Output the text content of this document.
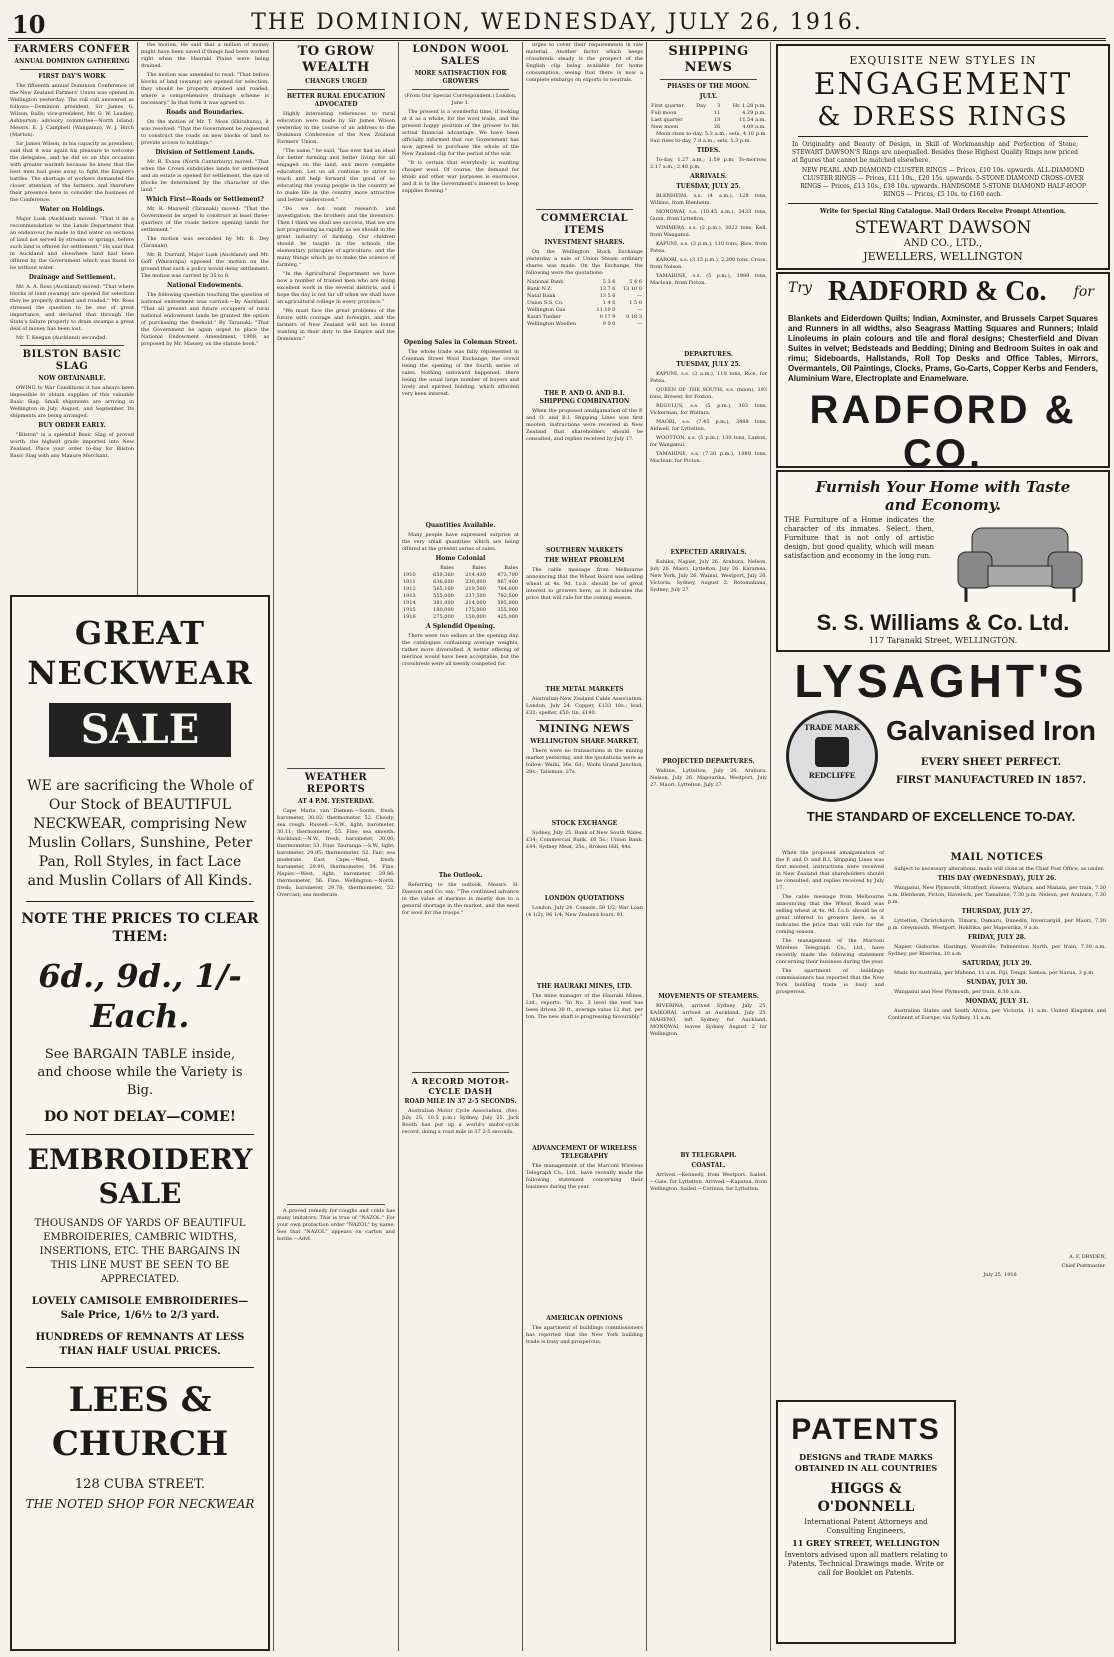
10	THE DOMINION, WEDNESDAY, JULY 26, 1916.
FARMERS CONFER
ANNUAL DOMINION GATHERING
FIRST DAY'S WORK

The fifteenth annual Dominion Conference of the New Zealand Farmers' Union was opened in Wellington yesterday. The roll call answered as follows:—Dominion president, Sir James G. Wilson, Bulls; vice-president, Mr. G. W. Leadley, Ashburton; advisory committee—North Island: Messrs. E. J. Campbell (Wanganui), W. J. Birch (Marton).

Sir James Wilson, in his capacity as president, said that it was again his pleasure to welcome the delegates, and he did so on this occasion with greater warmth because he knew that the best men had gone away to fight the Empire's battles. The shortage of workers demanded the closer attention of the farmers, and therefore their presence here to consider the business of the Conference.

Water on Holdings.

Major Lusk (Auckland) moved: "That it be a recommendation to the Lands Department that an endeavour be made to find water on sections of land not served by streams or springs, before such land is offered for settlement." He said that in Auckland and elsewhere land had been offered by the Government which was found to be without water.

Drainage and Settlement.

Mr. A. A. Ross (Auckland) moved: "That where blocks of land (swamp) are opened for selection they be properly drained and roaded." Mr. Ross stressed the question to be one of great importance, and declared that through the State's failure properly to drain swamps a great deal of money has been lost.

Mr. T. Keegan (Auckland) seconded.

BILSTON BASIC SLAG
NOW OBTAINABLE.

OWING to War Conditions it has always been impossible to obtain supplies of this valuable Basic Slag. Small shipments are arriving in Wellington in July, August, and September. Its shipments are being arranged.

BUY ORDER EARLY.

"Bilston" is a splendid Basic Slag of proved worth, the highest grade imported into New Zealand. Place your order to-day for Bilston Basic Slag with any Manure Merchant.

the motion. He said that a million of money might have been saved if things had been worked right when the Hauraki Plains were being drained.

The motion was amended to read: "That before blocks of land (swamp) are opened for selection, they should be properly drained and roaded, where a comprehensive drainage scheme is necessary." In that form it was agreed to.

Roads and Boundaries.

On the motion of Mr. T. Moss (Ekitahuna), it was resolved: "That the Government be requested to construct the roads on new blocks of land to provide access to holdings."

Division of Settlement Lands.

Mr. R. Evans (North Canterbury) moved: "That when the Crown subdivides lands for settlement and an estate is opened for settlement, the size of blocks be determined by the character of the land."

Which First—Roads or Settlement?

Mr. R. Maxwell (Taranaki) moved: "That the Government be urged to construct at least three-quarters of the roads before opening lands for settlement."

The motion was seconded by Mr. R. Dey (Taranaki).

Mr. R. Durrant, Major Lusk (Auckland) and Mr. Goff (Wairarapa) opposed the motion on the ground that such a policy would delay settlement. The motion was carried by 35 to 8.

National Endowments.

The following question touching the question of national endowment was carried:—By Auckland: "That all present and future occupiers of rural national endowment lands be granted the option of purchasing the freehold." By Taranaki: "That the Government be again urged to place the National Endowment Amendment, 1908, as proposed by Mr. Massey, on the statute book."

GREAT NECKWEAR
SALE

WE are sacrificing the Whole of Our Stock of BEAUTIFUL NECKWEAR, comprising New Muslin Collars, Sunshine, Peter Pan, Roll Styles, in fact Lace and Muslin Collars of All Kinds.

NOTE THE PRICES TO CLEAR THEM:

6d., 9d., 1/- Each.

See BARGAIN TABLE inside, and choose while the Variety is Big.

DO NOT DELAY—COME!

EMBROIDERY SALE

THOUSANDS OF YARDS OF BEAUTIFUL EMBROIDERIES, CAMBRIC WIDTHS, INSERTIONS, ETC. THE BARGAINS IN THIS LINE MUST BE SEEN TO BE APPRECIATED.

LOVELY CAMISOLE EMBROIDERIES—Sale Price, 1/6½ to 2/3 yard.

HUNDREDS OF REMNANTS AT LESS THAN HALF USUAL PRICES.

LEES & CHURCH

128 CUBA STREET.

THE NOTED SHOP FOR NECKWEAR

TO GROW WEALTH
CHANGES URGED
BETTER RURAL EDUCATION ADVOCATED

Highly interesting references to rural education were made by Sir James Wilson yesterday in the course of an address to the Dominion Conference of the New Zealand Farmers' Union.

"The same," he said, "has ever had an ideal for better farming and better living for all engaged on the land, and more complete education. Let us all continue to strive to teach and help forward the good of so educating the young people in the country as to make life in the country more attractive and better understood."

"Do we not want research and investigation, the brothers and the inventors. Then I think we shall see success, that we are not progressing as rapidly as we should in the great industry of farming. Our children should be taught in the schools the elementary principles of agriculture, and the many things which go to make the science of farming."

"In the Agricultural Department we have now a number of trained men who are doing excellent work in the several districts, and I hope the day is not far off when we shall have an agricultural college in every province."

"We must face the great problems of the future with courage and foresight, and the farmers of New Zealand will not be found wanting in their duty to the Empire and the Dominion."

WEATHER REPORTS
AT 4 P.M. YESTERDAY.

Cape Maria van Diemen.—South, fresh; barometer, 30.02; thermometer, 52. Cloudy; sea rough. Russell.—S.W., light; barometer, 30.11; thermometer, 55. Fine; sea smooth. Auckland.—N.W., fresh; barometer, 30.00; thermometer, 53. Fine. Tauranga.—S.W., light; barometer, 29.95; thermometer, 52. Fair; sea moderate. East Cape.—West, fresh; barometer, 29.90; thermometer, 54. Fine. Napier.—West, light; barometer, 29.86; thermometer, 56. Fine. Wellington.—North, fresh; barometer, 29.78; thermometer, 52. Overcast; sea moderate.

A proved remedy for coughs and colds has many imitators. This is true of "NAZOL." For your own protection order "NAZOL" by name. See that "NAZOL" appears on carton and bottle.—Advt.

LONDON WOOL SALES
MORE SATISFACTION FOR GROWERS

(From Our Special Correspondent.) London, June 1.

The present is a wonderful time, if looking at it as a whole, for the wool trade, and the present happy position of the grower to his actual financial advantage. We have been officially informed that our Government has now agreed to purchase the whole of the New Zealand clip for the period of the war.

"It is certain that everybody is wanting cheaper wool. Of course, the demand for khaki and other war purposes is enormous, and it is to the Government's interest to keep supplies flowing."

Opening Sales in Coleman Street.

The whole trade was fully represented in Coleman Street Wool Exchange, the crowd being the opening of the fourth series of sales. Nothing untoward happened, there being the usual large number of buyers and lively and spirited bidding, which afforded very keen interest.

Quantities Available.

Many people have expressed surprise at the very small quantities which are being offered at the present series of sales.

Home Colonial
	Bales	Bales	Bales
1910	659,360	214,430	873,790
1911	636,600	230,800	867,400
1912	565,100	219,500	784,600
1913	555,000	237,500	792,500
1914	381,000	214,000	595,000
1915	180,000	175,000	355,000
1916	275,000	150,000	425,000
A Splendid Opening.

There were two sellers at the opening day, the catalogues containing average weights, rather more diversified. A better offering of merinos would have been acceptable, but the crossbreds were all keenly competed for.

The Outlook.

Referring to the outlook, Messrs. H. Dawson and Co. say: "The continued advance in the value of merinos is mostly due to a general shortage in the market, and the need for wool for the troops."

A RECORD MOTOR-CYCLE DASH
ROAD MILE IN 37 2-5 SECONDS.

Australian Motor Cycle Association, (Rec. July 25, 10.5 p.m.) Sydney, July 25. Jack Booth has put up a world's motor-cycle record, doing a road mile in 37 2-5 seconds.

urges to cover their requirements in raw material. Another factor which keeps crossbreds steady is the prospect of the English clip being available for home consumption, seeing that there is now a complete embargo on exports to neutrals.

COMMERCIAL ITEMS
INVESTMENT SHARES.

On the Wellington Stock Exchange yesterday a sale of Union Steam ordinary shares was made. On the Exchange, the following were the quotations:

National Bank	5 3 6	5 4 6
Bank N.Z.	13 7 6	13 10 0
Natal Bank	13 5 6	—
Union S.S. Co.	1 4 6	1 5 0
Wellington Gas	11 10 0	—
Kauri Timber	0 17 9	0 18 3
Wellington Woollen	9 0 0	—
THE P. AND O. AND B.I. SHIPPING COMBINATION

When the proposed amalgamation of the P. and O. and B.I. Shipping Lines was first mooted, instructions were received in New Zealand that shareholders should be consulted, and replies received by July 17.

SOUTHERN MARKETS
THE WHEAT PROBLEM

The cable message from Melbourne announcing that the Wheat Board was selling wheat at 4s. 9d. f.o.b. should be of great interest to growers here, as it indicates the price that will rule for the coming season.

THE METAL MARKETS

Australian-New Zealand Cable Association. London, July 24. Copper, £133 10s.; lead, £32; spelter, £50; tin, £190.

MINING NEWS
WELLINGTON SHARE MARKET.

There were no transactions in the mining market yesterday, and the quotations were as follow: Waihi, 36s. 6d.; Waihi Grand Junction, 28s.; Talisman, 27s.

STOCK EXCHANGE

Sydney, July 25. Bank of New South Wales, £34; Commercial Bank, £6 5s.; Union Bank, £44; Sydney Meat, 25s.; Broken Hill, 44s.

LONDON QUOTATIONS

London, July 24. Consols, 59 1/2; War Loan (4 1/2), 96 1/4; New Zealand fours, 91.

THE HAURAKI MINES, LTD.

The mine manager of the Hauraki Mines, Ltd., reports: "In No. 3 level the reef has been driven 30 ft., average value 12 dwt. per ton. The new shaft is progressing favourably."

ADVANCEMENT OF WIRELESS TELEGRAPHY

The management of the Marconi Wireless Telegraph Co., Ltd., have recently made the following statement concerning their business during the year.

AMERICAN OPINIONS

The apartment of buildings commissioners has reported that the New York building trade is busy and prosperous.

SHIPPING NEWS
PHASES OF THE MOON.
JULY.
First quarter	Day	3	Hr. 1.28 p.m.
Full moon		11	4.29 p.m.
Last quarter		18	11.54 a.m.
New moon		26	4.00 a.m.

Moon rises to-day, 5.3 a.m.; sets, 4.10 p.m. Sun rises to-day, 7.8 a.m.; sets, 5.3 p.m.

TIDES.

To-day, 1.27 a.m.; 1.59 p.m. To-morrow, 2.17 a.m.; 2.48 p.m.

ARRIVALS.
TUESDAY, JULY 25.

BLENHEIM, s.s. (4 a.m.), 128 tons, Wilkins, from Blenheim.

MONOWAI, s.s. (10.45 a.m.), 3433 tons, Gunn, from Lyttelton.

WIMMERA, s.s. (2 p.m.), 3022 tons, Kell, from Wanganui.

KAPUNI, s.s. (3 p.m.), 110 tons, Rice, from Patea.

KARORI, s.s. (3.15 p.m.), 2,200 tons, Cross, from Nelson.

TAMAHINE, s.s. (5 p.m.), 1989 tons, Maclean, from Picton.

DEPARTURES.
TUESDAY, JULY 25.

KAPUNI, s.s. (3 a.m.), 110 tons, Rice, for Patea.

QUEEN OF THE SOUTH, s.s. (noon), 193 tons, Brewer, for Foxton.

REGULUS, s.s. (5 p.m.), 303 tons, Vickerman, for Waitara.

MAORI, s.s. (7.45 p.m.), 3488 tons, Aldwell, for Lyttelton.

WOOTTON, s.s. (5 p.m.), 130 tons, Laxton, for Wanganui.

TAMAHINE, s.s. (7.30 p.m.), 1989 tons, Maclean, for Picton.

EXPECTED ARRIVALS.

Kahika, Napier, July 26. Arahura, Nelson, July 26. Maori, Lyttelton, July 26. Karamea, New York, July 26. Wainui, Westport, July 26. Victoria, Sydney, August 2. Rotomahana, Sydney, July 27.

PROJECTED DEPARTURES.

Wahine, Lyttelton, July 26. Arahura, Nelson, July 26. Mapourika, Westport, July 27. Maori, Lyttelton, July 27.

MOVEMENTS OF STEAMERS.

RIVERINA, arrived Sydney July 25. KAIKORAI, arrived at Auckland, July 25. MAHENO, left Sydney for Auckland. MONOWAI, leaves Sydney August 2 for Wellington.

BY TELEGRAPH.
COASTAL.

Arrived.—Kennedy, from Westport. Sailed.—Gale, for Lyttelton. Arrived.—Kapanui, from Wellington. Sailed.—Corinna, for Lyttelton.

EXQUISITE NEW STYLES IN
ENGAGEMENT
& DRESS RINGS

In Originality and Beauty of Design, in Skill of Workmanship and Perfection of Stone, STEWART DAWSON'S Rings are unequalled. Besides these Highest Quality Rings now priced at figures that cannot be matched elsewhere.

NEW PEARL AND DIAMOND CLUSTER RINGS — Prices, £10 10s. upwards. ALL-DIAMOND CLUSTER RINGS — Prices, £11 10s., £20 15s. upwards. 5-STONE DIAMOND CROSS-OVER RINGS — Prices, £13 10s., £18 10s. upwards. HANDSOME 5-STONE DIAMOND HALF-HOOP RINGS — Prices, £5 10s. to £160 each.

Write for Special Ring Catalogue. Mail Orders Receive Prompt Attention.

STEWART DAWSON
AND CO., LTD.,
JEWELLERS, WELLINGTON
Try RADFORD & Co. for

Blankets and Eiderdown Quilts; Indian, Axminster, and Brussels Carpet Squares and Runners in all widths, also Seagrass Matting Squares and Runners; Inlaid Linoleums in plain colours and tile and floral designs; Chesterfield and Divan Suites in velvet; Bedsteads and Bedding; Dining and Bedroom Suites in oak and rimu; Sideboards, Hallstands, Roll Top Desks and Office Tables, Mirrors, Overmantels, Oil Paintings, Clocks, Prams, Go-Carts, Copper Kerbs and Fenders, Aluminium Ware, Electroplate and Enamelware.

RADFORD & CO.
Furnish Your Home with Taste
and Economy.

THE Furniture of a Home indicates the character of its inmates. Select, then, Furniture that is not only of artistic design, but good quality, which will mean satisfaction and economy in the long run.

S. S. Williams & Co. Ltd.
117 Taranaki Street, WELLINGTON.
LYSAGHT'S
TRADE MARK
REDCLIFFE
Galvanised Iron
EVERY SHEET PERFECT.
FIRST MANUFACTURED IN 1857.
THE STANDARD OF EXCELLENCE TO-DAY.
MAIL NOTICES

Subject to necessary alterations, mails will close at the Chief Post Office, as under:

THIS DAY (WEDNESDAY), JULY 26.

Wanganui, New Plymouth, Stratford, Hawera, Waitara, and Manaia, per train, 7.30 a.m. Blenheim, Picton, Havelock, per Tamahine, 7.30 p.m. Nelson, per Arahura, 7.30 p.m.

THURSDAY, JULY 27.

Lyttelton, Christchurch, Timaru, Oamaru, Dunedin, Invercargill, per Maori, 7.30 p.m. Greymouth, Westport, Hokitika, per Mapourika, 9 a.m.

FRIDAY, JULY 28.

Napier, Gisborne, Hastings, Woodville, Palmerston North, per train, 7.30 a.m. Sydney, per Riverina, 10 a.m.

SATURDAY, JULY 29.

Mails for Australia, per Maheno, 11 a.m. Fiji, Tonga, Samoa, per Navua, 3 p.m.

SUNDAY, JULY 30.

Wanganui and New Plymouth, per train, 8.30 a.m.

MONDAY, JULY 31.

Australian States and South Africa, per Victoria, 11 a.m. United Kingdom and Continent of Europe, via Sydney, 11 a.m.

A. F. DRYDEN,

Chief Postmaster.

July 25, 1916

When the proposed amalgamation of the P. and O. and B.I. Shipping Lines was first mooted, instructions were received in New Zealand that shareholders should be consulted, and replies received by July 17.

The cable message from Melbourne announcing that the Wheat Board was selling wheat at 4s. 9d. f.o.b. should be of great interest to growers here, as it indicates the price that will rule for the coming season.

The management of the Marconi Wireless Telegraph Co., Ltd., have recently made the following statement concerning their business during the year.

The apartment of buildings commissioners has reported that the New York building trade is busy and prosperous.

PATENTS

DESIGNS and TRADE MARKS OBTAINED IN ALL COUNTRIES

HIGGS & O'DONNELL

International Patent Attorneys and Consulting Engineers,

11 GREY STREET, WELLINGTON

Inventors advised upon all matters relating to Patents. Technical Drawings made. Write or call for Booklet on Patents.
